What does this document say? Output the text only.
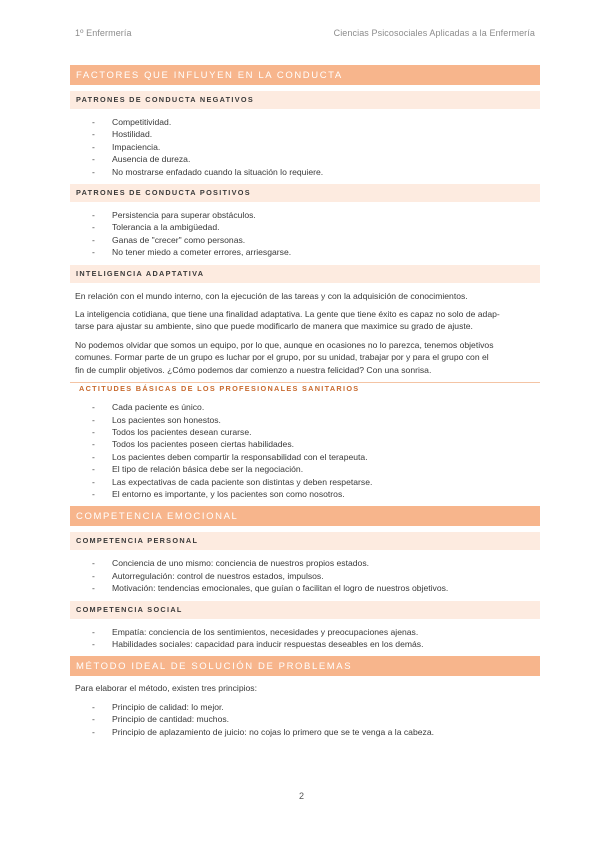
1º Enfermería	Ciencias Psicosociales Aplicadas a la Enfermería
FACTORES QUE INFLUYEN EN LA CONDUCTA
PATRONES DE CONDUCTA NEGATIVOS
- Competitividad.
- Hostilidad.
- Impaciencia.
- Ausencia de dureza.
- No mostrarse enfadado cuando la situación lo requiere.
PATRONES DE CONDUCTA POSITIVOS
- Persistencia para superar obstáculos.
- Tolerancia a la ambigüedad.
- Ganas de "crecer" como personas.
- No tener miedo a cometer errores, arriesgarse.
INTELIGENCIA ADAPTATIVA

En relación con el mundo interno, con la ejecución de las tareas y con la adquisición de conocimientos.

La inteligencia cotidiana, que tiene una finalidad adaptativa. La gente que tiene éxito es capaz no solo de adap-

tarse para ajustar su ambiente, sino que puede modificarlo de manera que maximice su grado de ajuste.

No podemos olvidar que somos un equipo, por lo que, aunque en ocasiones no lo parezca, tenemos objetivos

comunes. Formar parte de un grupo es luchar por el grupo, por su unidad, trabajar por y para el grupo con el

fin de cumplir objetivos. ¿Cómo podemos dar comienzo a nuestra felicidad? Con una sonrisa.

ACTITUDES BÁSICAS DE LOS PROFESIONALES SANITARIOS
- Cada paciente es único.
- Los pacientes son honestos.
- Todos los pacientes desean curarse.
- Todos los pacientes poseen ciertas habilidades.
- Los pacientes deben compartir la responsabilidad con el terapeuta.
- El tipo de relación básica debe ser la negociación.
- Las expectativas de cada paciente son distintas y deben respetarse.
- El entorno es importante, y los pacientes son como nosotros.
COMPETENCIA EMOCIONAL
COMPETENCIA PERSONAL
- Conciencia de uno mismo: conciencia de nuestros propios estados.
- Autorregulación: control de nuestros estados, impulsos.
- Motivación: tendencias emocionales, que guían o facilitan el logro de nuestros objetivos.
COMPETENCIA SOCIAL
- Empatía: conciencia de los sentimientos, necesidades y preocupaciones ajenas.
- Habilidades sociales: capacidad para inducir respuestas deseables en los demás.
MÉTODO IDEAL DE SOLUCIÓN DE PROBLEMAS

Para elaborar el método, existen tres principios:

- Principio de calidad: lo mejor.
- Principio de cantidad: muchos.
- Principio de aplazamiento de juicio: no cojas lo primero que se te venga a la cabeza.
2
